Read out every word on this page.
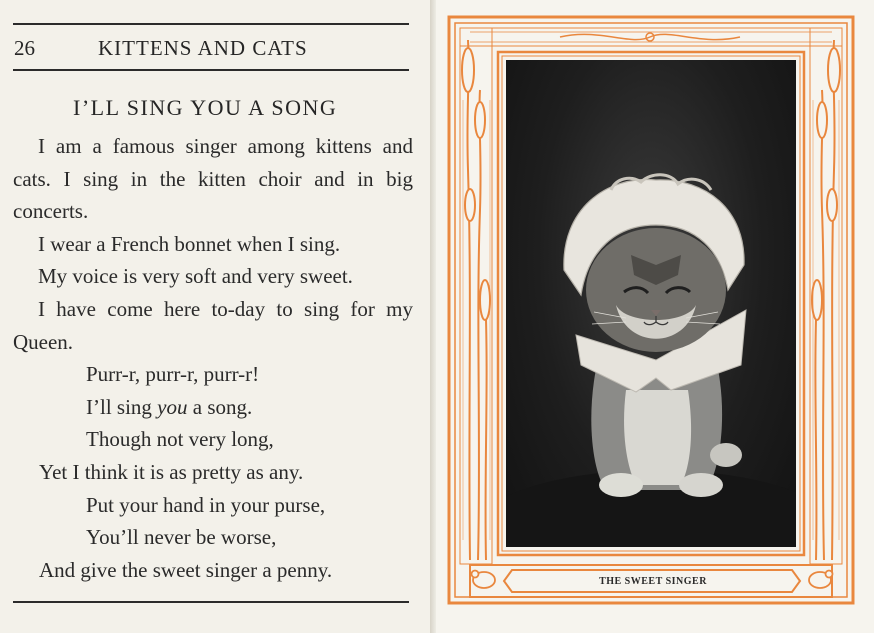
26	KITTENS AND CATS
I’LL SING YOU A SONG

I am a famous singer among kittens and cats. I sing in the kitten choir and in big concerts.

I wear a French bonnet when I sing.

My voice is very soft and very sweet.

I have come here to-day to sing for my Queen.

Purr-r, purr-r, purr-r!

I’ll sing you a song.

Though not very long,

Yet I think it is as pretty as any.

Put your hand in your purse,

You’ll never be worse,

And give the sweet singer a penny.	THE SWEET SINGER
